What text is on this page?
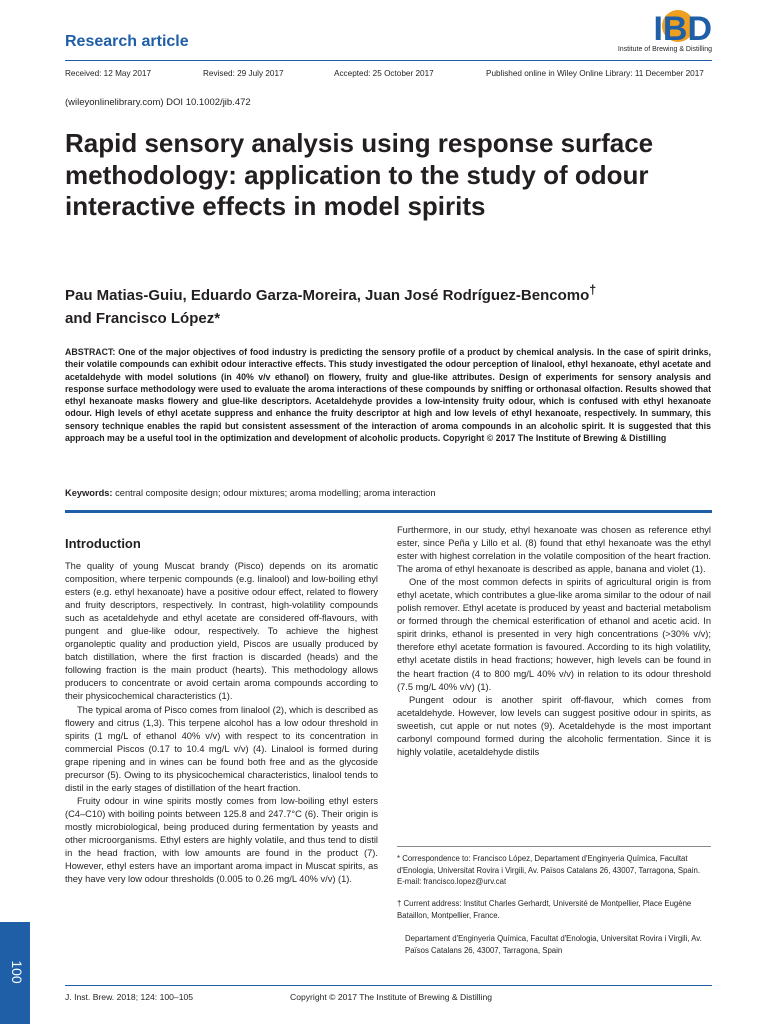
Research article	IBD
Institute of Brewing & Distilling
Received: 12 May 2017	Revised: 29 July 2017	Accepted: 25 October 2017	Published online in Wiley Online Library: 11 December 2017
(wileyonlinelibrary.com) DOI 10.1002/jib.472
Rapid sensory analysis using response surface methodology: application to the study of odour interactive effects in model spirits
Pau Matias-Guiu, Eduardo Garza-Moreira, Juan José Rodríguez-Bencomo†
and Francisco López*
ABSTRACT: One of the major objectives of food industry is predicting the sensory profile of a product by chemical analysis. In the case of spirit drinks, their volatile compounds can exhibit odour interactive effects. This study investigated the odour perception of linalool, ethyl hexanoate, ethyl acetate and acetaldehyde with model solutions (in 40% v/v ethanol) on flowery, fruity and glue-like attributes. Design of experiments for sensory analysis and response surface methodology were used to evaluate the aroma interactions of these compounds by sniffing or orthonasal olfaction. Results showed that ethyl hexanoate masks flowery and glue-like descriptors. Acetaldehyde provides a low-intensity fruity odour, which is confused with ethyl hexanoate odour. High levels of ethyl acetate suppress and enhance the fruity descriptor at high and low levels of ethyl hexanoate, respectively. In summary, this sensory technique enables the rapid but consistent assessment of the interaction of aroma compounds in an alcoholic spirit. It is suggested that this approach may be a useful tool in the optimization and development of alcoholic products. Copyright © 2017 The Institute of Brewing & Distilling
Keywords: central composite design; odour mixtures; aroma modelling; aroma interaction
Introduction

The quality of young Muscat brandy (Pisco) depends on its aromatic composition, where terpenic compounds (e.g. linalool) and low-boiling ethyl esters (e.g. ethyl hexanoate) have a positive odour effect, related to flowery and fruity descriptors, respectively. In contrast, high-volatility compounds such as acetaldehyde and ethyl acetate are considered off-flavours, with pungent and glue-like odour, respectively. To achieve the highest organoleptic quality and production yield, Piscos are usually produced by batch distillation, where the first fraction is discarded (heads) and the following fraction is the main product (hearts). This methodology allows producers to concentrate or avoid certain aroma compounds according to their physicochemical characteristics (1).

The typical aroma of Pisco comes from linalool (2), which is described as flowery and citrus (1,3). This terpene alcohol has a low odour threshold in spirits (1 mg/L of ethanol 40% v/v) with respect to its concentration in commercial Piscos (0.17 to 10.4 mg/L v/v) (4). Linalool is formed during grape ripening and in wines can be found both free and as the glycoside precursor (5). Owing to its physicochemical characteristics, linalool tends to distil in the early stages of distillation of the heart fraction.

Fruity odour in wine spirits mostly comes from low-boiling ethyl esters (C4–C10) with boiling points between 125.8 and 247.7°C (6). Their origin is mostly microbiological, being produced during fermentation by yeasts and other microorganisms. Ethyl esters are highly volatile, and thus tend to distil in the head fraction, with low amounts are found in the product (7). However, ethyl esters have an important aroma impact in Muscat spirits, as they have very low odour thresholds (0.005 to 0.26 mg/L 40% v/v) (1).

Furthermore, in our study, ethyl hexanoate was chosen as reference ethyl ester, since Peña y Lillo et al. (8) found that ethyl hexanoate was the ethyl ester with highest correlation in the volatile composition of the heart fraction. The aroma of ethyl hexanoate is described as apple, banana and violet (1).

One of the most common defects in spirits of agricultural origin is from ethyl acetate, which contributes a glue-like aroma similar to the odour of nail polish remover. Ethyl acetate is produced by yeast and bacterial metabolism or formed through the chemical esterification of ethanol and acetic acid. In spirit drinks, ethanol is presented in very high concentrations (>30% v/v); therefore ethyl acetate formation is favoured. According to its high volatility, ethyl acetate distils in head fractions; however, high levels can be found in the heart fraction (4 to 800 mg/L 40% v/v) in relation to its odour threshold (7.5 mg/L 40% v/v) (1).

Pungent odour is another spirit off-flavour, which comes from acetaldehyde. However, low levels can suggest positive odour in spirits, as sweetish, cut apple or nut notes (9). Acetaldehyde is the most important carbonyl compound formed during the alcoholic fermentation. Since it is highly volatile, acetaldehyde distils

* Correspondence to: Francisco López, Departament d'Enginyeria Química, Facultat d'Enologia, Universitat Rovira i Virgili, Av. Països Catalans 26, 43007, Tarragona, Spain. E-mail: francisco.lopez@urv.cat
† Current address: Institut Charles Gerhardt, Université de Montpellier, Place Eugène Bataillon, Montpellier, France.
Departament d'Enginyeria Química, Facultat d'Enologia, Universitat Rovira i Virgili, Av. Països Catalans 26, 43007, Tarragona, Spain
100
J. Inst. Brew. 2018; 124: 100–105	Copyright © 2017 The Institute of Brewing & Distilling
